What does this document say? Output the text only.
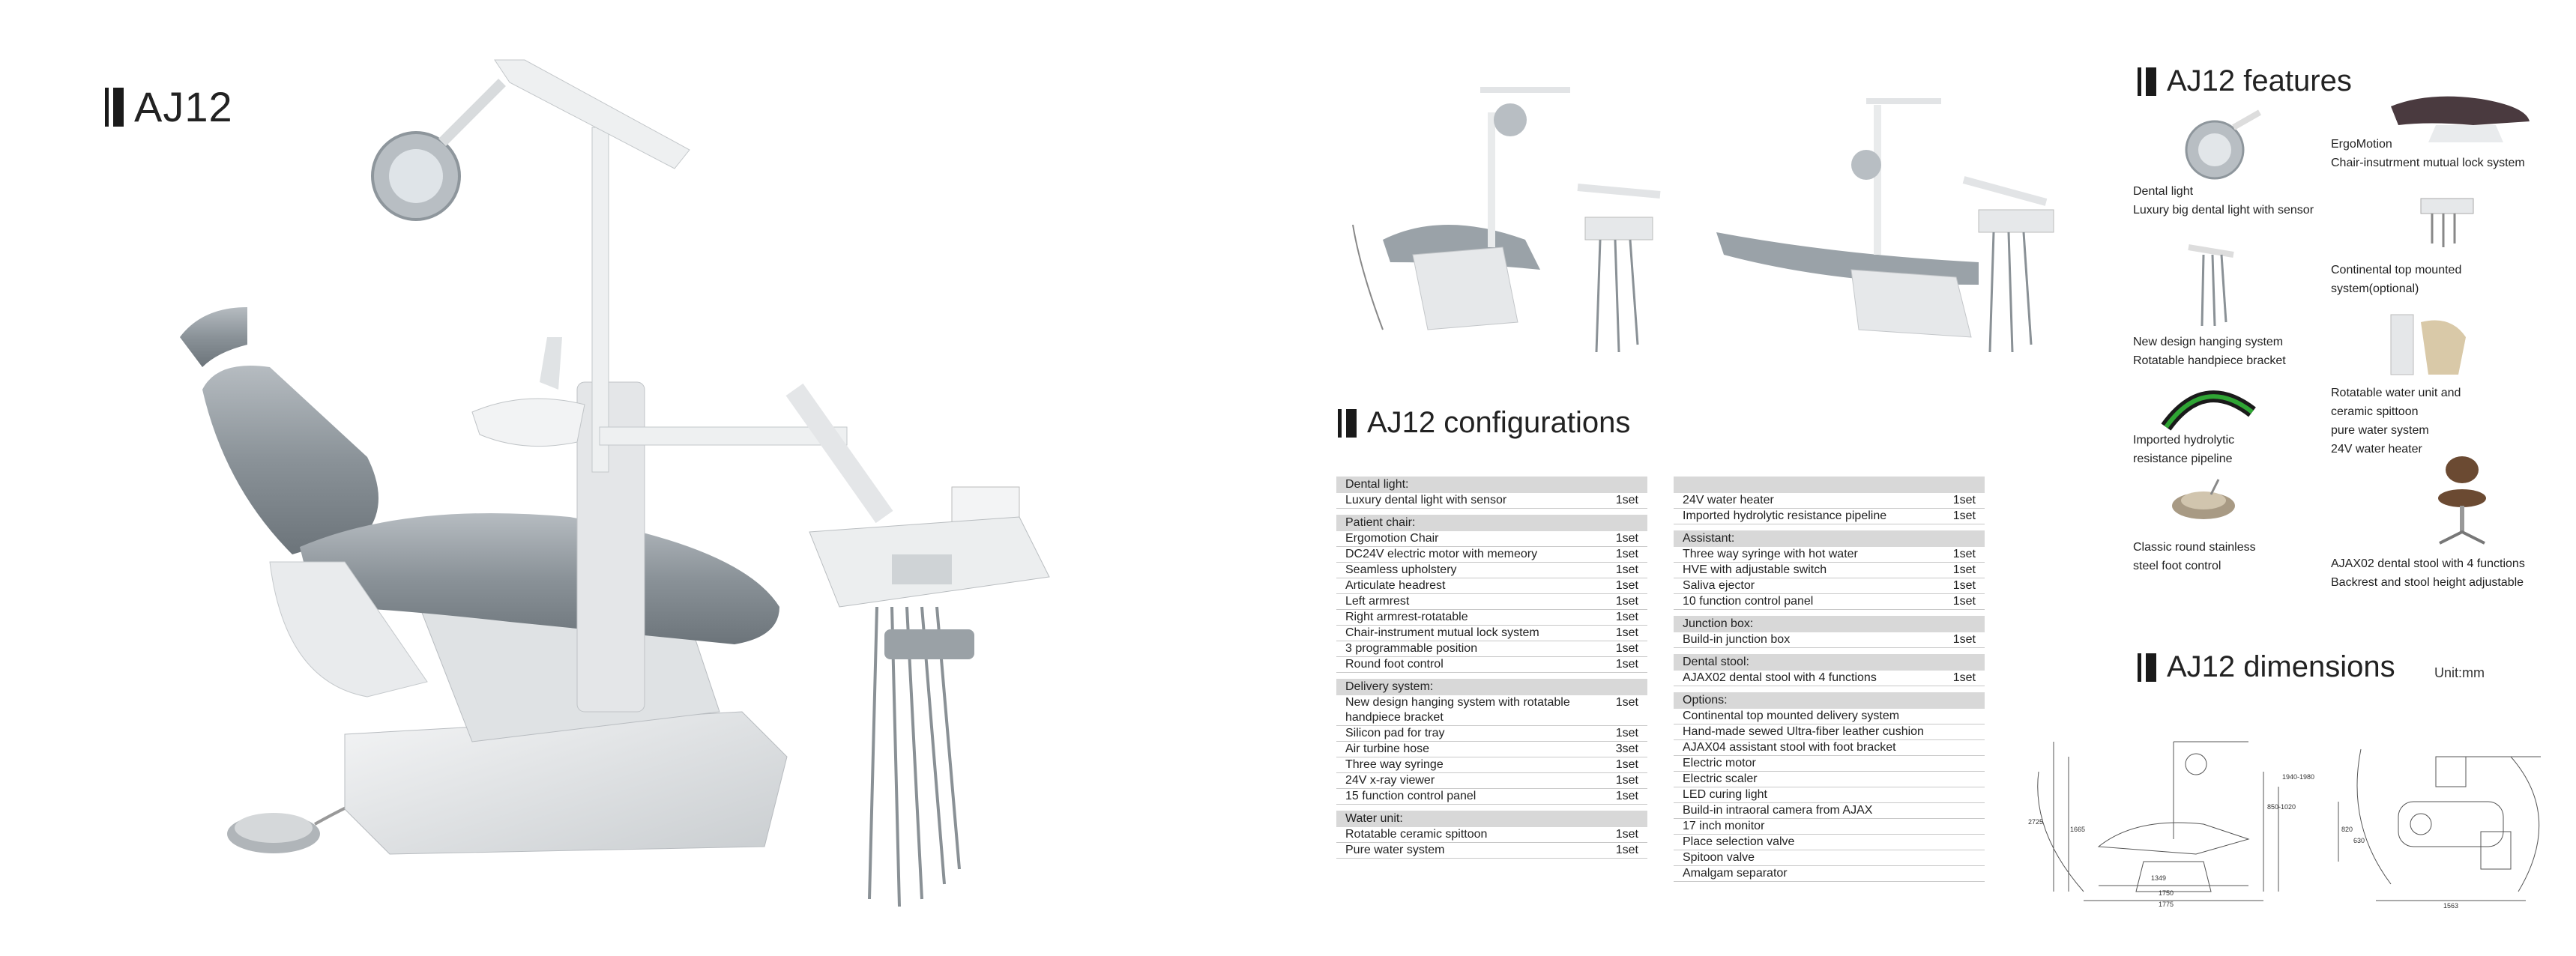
AJ12
AJ12 configurations
Dental light:
Luxury dental light with sensor	1set
Patient chair:
Ergomotion Chair	1set
DC24V electric motor with memeory	1set
Seamless upholstery	1set
Articulate headrest	1set
Left armrest	1set
Right armrest-rotatable	1set
Chair-instrument mutual lock system	1set
3 programmable position	1set
Round foot control	1set
Delivery system:
New design hanging system with rotatable handpiece bracket
1set
Silicon pad for tray	1set
Air turbine hose	3set
Three way syringe	1set
24V x-ray viewer	1set
15 function control panel	1set
Water unit:
Rotatable ceramic spittoon	1set
Pure water system	1set
24V water heater	1set
Imported hydrolytic resistance pipeline	1set
Assistant:
Three way syringe with hot water	1set
HVE with adjustable switch	1set
Saliva ejector	1set
10 function control panel	1set
Junction box:
Build-in junction box	1set
Dental stool:
AJAX02 dental stool with 4 functions	1set
Options:
Continental top mounted delivery system
Hand-made sewed Ultra-fiber leather cushion
AJAX04 assistant stool with foot bracket
Electric motor
Electric scaler
LED curing light
Build-in intraoral camera from AJAX
17 inch monitor
Place selection valve
Spitoon valve
Amalgam separator
AJ12 features
Dental light
Luxury big dental light with sensor
ErgoMotion
Chair-insutrment mutual lock system
Continental top mounted
system(optional)
New design hanging system
Rotatable handpiece bracket
Rotatable water unit and
ceramic spittoon
pure water system
24V water heater
Imported hydrolytic
resistance pipeline
Classic round stainless
steel foot control	AJAX02 dental stool with 4 functions
Backrest and stool height adjustable
AJ12 dimensions	Unit:mm
2725
1349
1750
1775
850-1020
1940-1980
1665
1563
820
630
